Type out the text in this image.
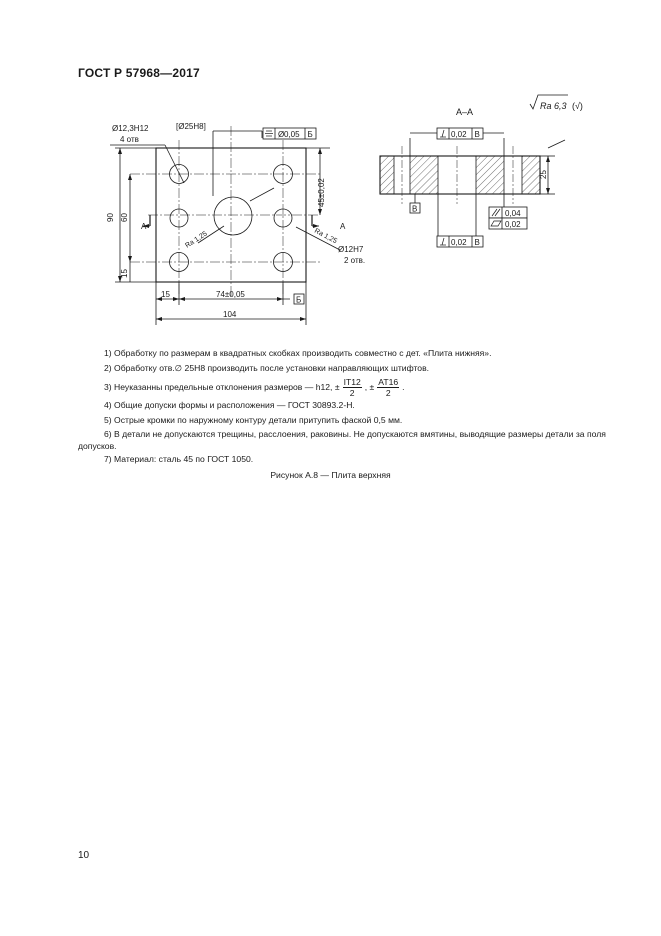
ГОСТ Р 57968—2017
Б
Ø 0,05 Б
Ø12,3Н12
4 отв
[Ø25Н8]
45±0,02
90 60
15
15	74±0,05
104
А	А
Ra 1,25	Ra 1,25
Ø12Н7
2 отв.
А–А
Ra 6,3 (√)
0,02 В
В	0,04
0,02
0,02 В
25
1) Обработку по размерам в квадратных скобках производить совместно с дет. «Плита нижняя».
2) Обработку отв.∅ 25Н8 производить после установки направляющих штифтов.
3) Неуказанны предельные отклонения размеров — h12, ± $\frac{IT12}{2}$ , ± $\frac{AT16}{2}$ .
4) Общие допуски формы и расположения — ГОСТ 30893.2-Н.
5) Острые кромки по наружному контуру детали притупить фаской 0,5 мм.
6) В детали не допускаются трещины, расслоения, раковины. Не допускаются вмятины, выводящие размеры детали за поля допусков.
7) Материал: сталь 45 по ГОСТ 1050.
Рисунок А.8 — Плита верхняя
10
